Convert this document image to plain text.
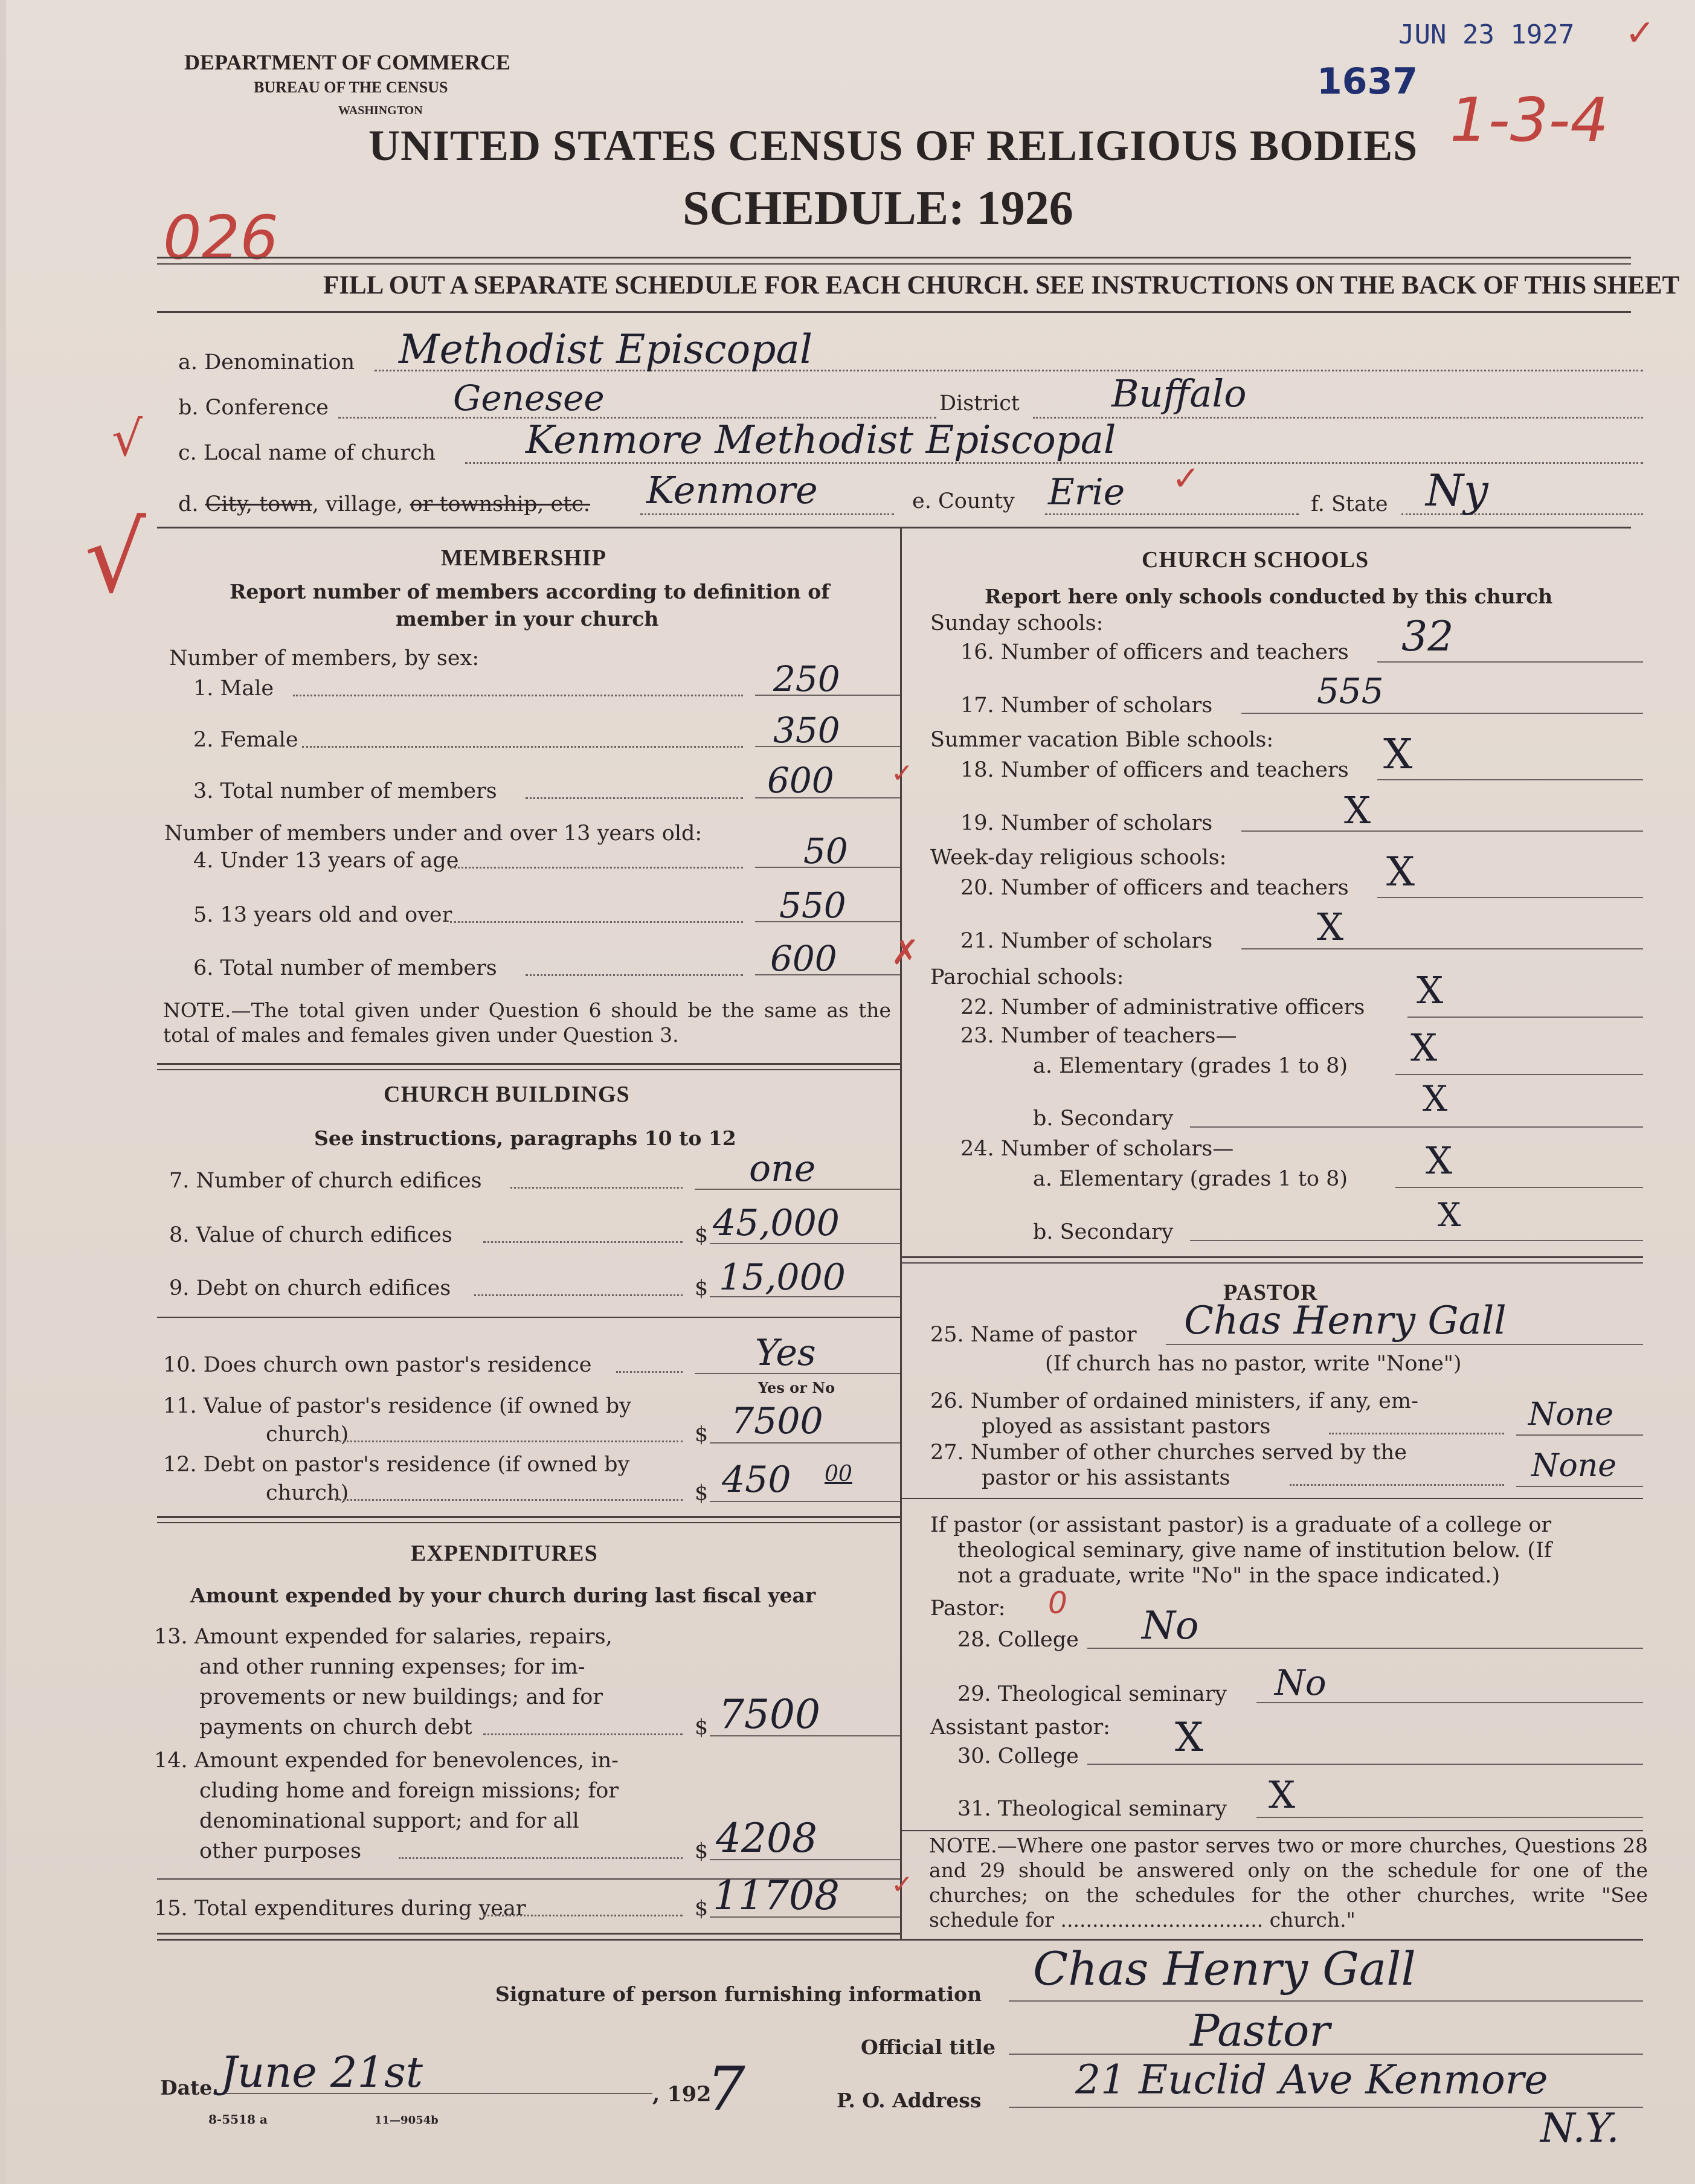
DEPARTMENT OF COMMERCE
BUREAU OF THE CENSUS
WASHINGTON
UNITED STATES CENSUS OF RELIGIOUS BODIES
SCHEDULE: 1926
JUN 23 1927 ✓
1637
1-3-4
026
FILL OUT A SEPARATE SCHEDULE FOR EACH CHURCH. SEE INSTRUCTIONS ON THE BACK OF THIS SHEET
a. Denomination Methodist Episcopal
b. Conference	Genesee	District Buffalo
c. Local name of church Kenmore Methodist Episcopal
√
√ d. City, town, village, or township, etc. Kenmore	e. County Erie ✓
f. State Ny
MEMBERSHIP
Report number of members according to definition of
member in your church
Number of members, by sex:
1. Male	250
2. Female	350
3. Total number of members	600 ✓
Number of members under and over 13 years old:
4. Under 13 years of age	50
5. 13 years old and over	550
6. Total number of members	600 ✗
NOTE.—The total given under Question 6 should be the same as the total of males and females given under Question 3.
CHURCH BUILDINGS
See instructions, paragraphs 10 to 12
7. Number of church edifices	one
8. Value of church edifices	$ 45,000
9. Debt on church edifices	$ 15,000
10. Does church own pastor's residence	Yes
Yes or No
11. Value of pastor's residence (if owned by
church)	$ 7500
12. Debt on pastor's residence (if owned by
church)	$ 450 00
EXPENDITURES
Amount expended by your church during last fiscal year
13. Amount expended for salaries, repairs,
and other running expenses; for im-
provements or new buildings; and for
payments on church debt	$ 7500
14. Amount expended for benevolences, in-
cluding home and foreign missions; for
denominational support; and for all
other purposes	$ 4208
15. Total expenditures during year	$ 11708 ✓
CHURCH SCHOOLS
Report here only schools conducted by this church
Sunday schools:
16. Number of officers and teachers 32
17. Number of scholars	555
Summer vacation Bible schools:
18. Number of officers and teachers X
19. Number of scholars	X
Week-day religious schools:
20. Number of officers and teachers X
21. Number of scholars	X
Parochial schools:
22. Number of administrative officers X
23. Number of teachers—
a. Elementary (grades 1 to 8) X
b. Secondary	X
24. Number of scholars—
a. Elementary (grades 1 to 8) X
b. Secondary	X
PASTOR
25. Name of pastor Chas Henry Gall
(If church has no pastor, write "None")
26. Number of ordained ministers, if any, em-
ployed as assistant pastors	None
27. Number of other churches served by the
pastor or his assistants	None
If pastor (or assistant pastor) is a graduate of a college or
theological seminary, give name of institution below. (If
not a graduate, write "No" in the space indicated.)
Pastor: 0
28. College No
29. Theological seminary No
Assistant pastor:
30. College X
31. Theological seminary X
NOTE.—Where one pastor serves two or more churches, Questions 28 and 29 should be answered only on the schedule for one of the churches; on the schedules for the other churches, write "See schedule for ................................ church."
Signature of person furnishing information Chas Henry Gall
Official title	Pastor
Date June 21st	, 192
7	P. O. Address 21 Euclid Ave Kenmore
N.Y.
8-5518 a	11—9054b
